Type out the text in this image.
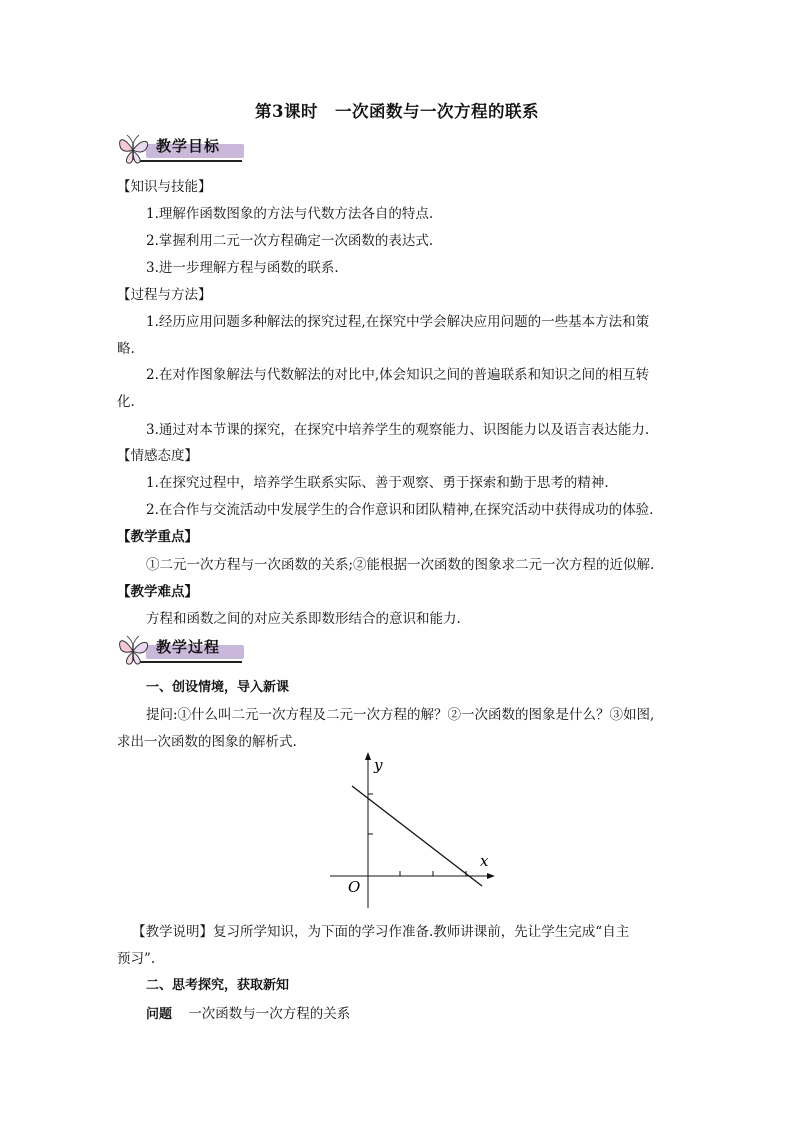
第3课时　一次函数与一次方程的联系
教学目标
【知识与技能】
1.理解作函数图象的方法与代数方法各自的特点.
2.掌握利用二元一次方程确定一次函数的表达式.
3.进一步理解方程与函数的联系.
【过程与方法】
1.经历应用问题多种解法的探究过程,在探究中学会解决应用问题的一些基本方法和策
略.
2.在对作图象解法与代数解法的对比中,体会知识之间的普遍联系和知识之间的相互转
化.
3.通过对本节课的探究，在探究中培养学生的观察能力、识图能力以及语言表达能力.
【情感态度】
1.在探究过程中，培养学生联系实际、善于观察、勇于探索和勤于思考的精神.
2.在合作与交流活动中发展学生的合作意识和团队精神,在探究活动中获得成功的体验.
【教学重点】
①二元一次方程与一次函数的关系;②能根据一次函数的图象求二元一次方程的近似解.
【教学难点】
方程和函数之间的对应关系即数形结合的意识和能力.
教学过程
一、创设情境，导入新课
提问:①什么叫二元一次方程及二元一次方程的解？②一次函数的图象是什么？③如图,
求出一次函数的图象的解析式.
y
x
O
【教学说明】复习所学知识，为下面的学习作准备.教师讲课前，先让学生完成“自主
预习”.
二、思考探究，获取新知
问题 一次函数与一次方程的关系
